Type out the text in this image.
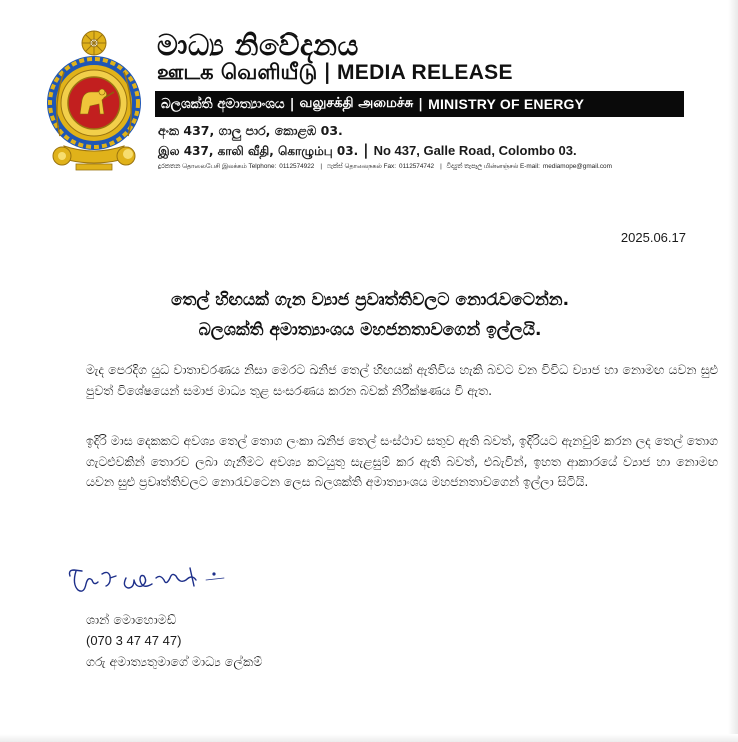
මාධ්‍ය නිවේදනය
ஊடக வெளியீடு | MEDIA RELEASE
බලශක්ති අමාත්‍යාංශය | வலுசக்தி அமைச்சு | MINISTRY OF ENERGY
අංක 437, ගාලු පාර, කොළඹ 03.
இல 437, காலி வீதி, கொழும்பு 03. | No 437, Galle Road, Colombo 03.
දුරකතන தொலைபேசி இலக்கம் Telphone: 0112574922 | ෆැක්ස් தொலைநகல் Fax: 0112574742 | විද්‍යුත් තැපෑල மின்னஞ்சல் E-mail: mediamope@gmail.com
2025.06.17
තෙල් හිඟයක් ගැන ව්‍යාජ ප්‍රවෘත්තිවලට නොරැවටෙන්න.
බලශක්ති අමාත්‍යාංශය මහජනතාවගෙන් ඉල්ලයි.

මැද පෙරදිග යුධ වාතාවරණය නිසා මෙරට ඛනිජ තෙල් හිඟයක් ඇතිවිය හැකි බවට වන විවිධ ව්‍යාජ හා නොමඟ යවන සුළු පුවත් විශේෂයෙන් සමාජ මාධ්‍ය තුළ සංසරණය කරන බවක් නිරීක්ෂණය වී ඇත.

ඉදිරි මාස දෙකකට අවශ්‍ය තෙල් තොග ලංකා ඛනිජ තෙල් සංස්ථාව සතුව ඇති බවත්, ඉදිරියට ඇනවුම් කරන ලද තෙල් තොග ගැටළුවකින් තොරව ලබා ගැනීමට අවශ්‍ය කටයුතු සැළසුම් කර ඇති බවත්, එබැවින්, ඉහත ආකාරයේ ව්‍යාජ හා නොමඟ යවන සුළු ප්‍රවෘත්තිවලට නොරැවටෙන ලෙස බලශක්ති අමාත්‍යාංශය මහජනතාවගෙන් ඉල්ලා සිටියි.

ශාන් මොහොමඩ්
(070 3 47 47 47)
ගරු අමාත්‍යතුමාගේ මාධ්‍ය ලේකම්
